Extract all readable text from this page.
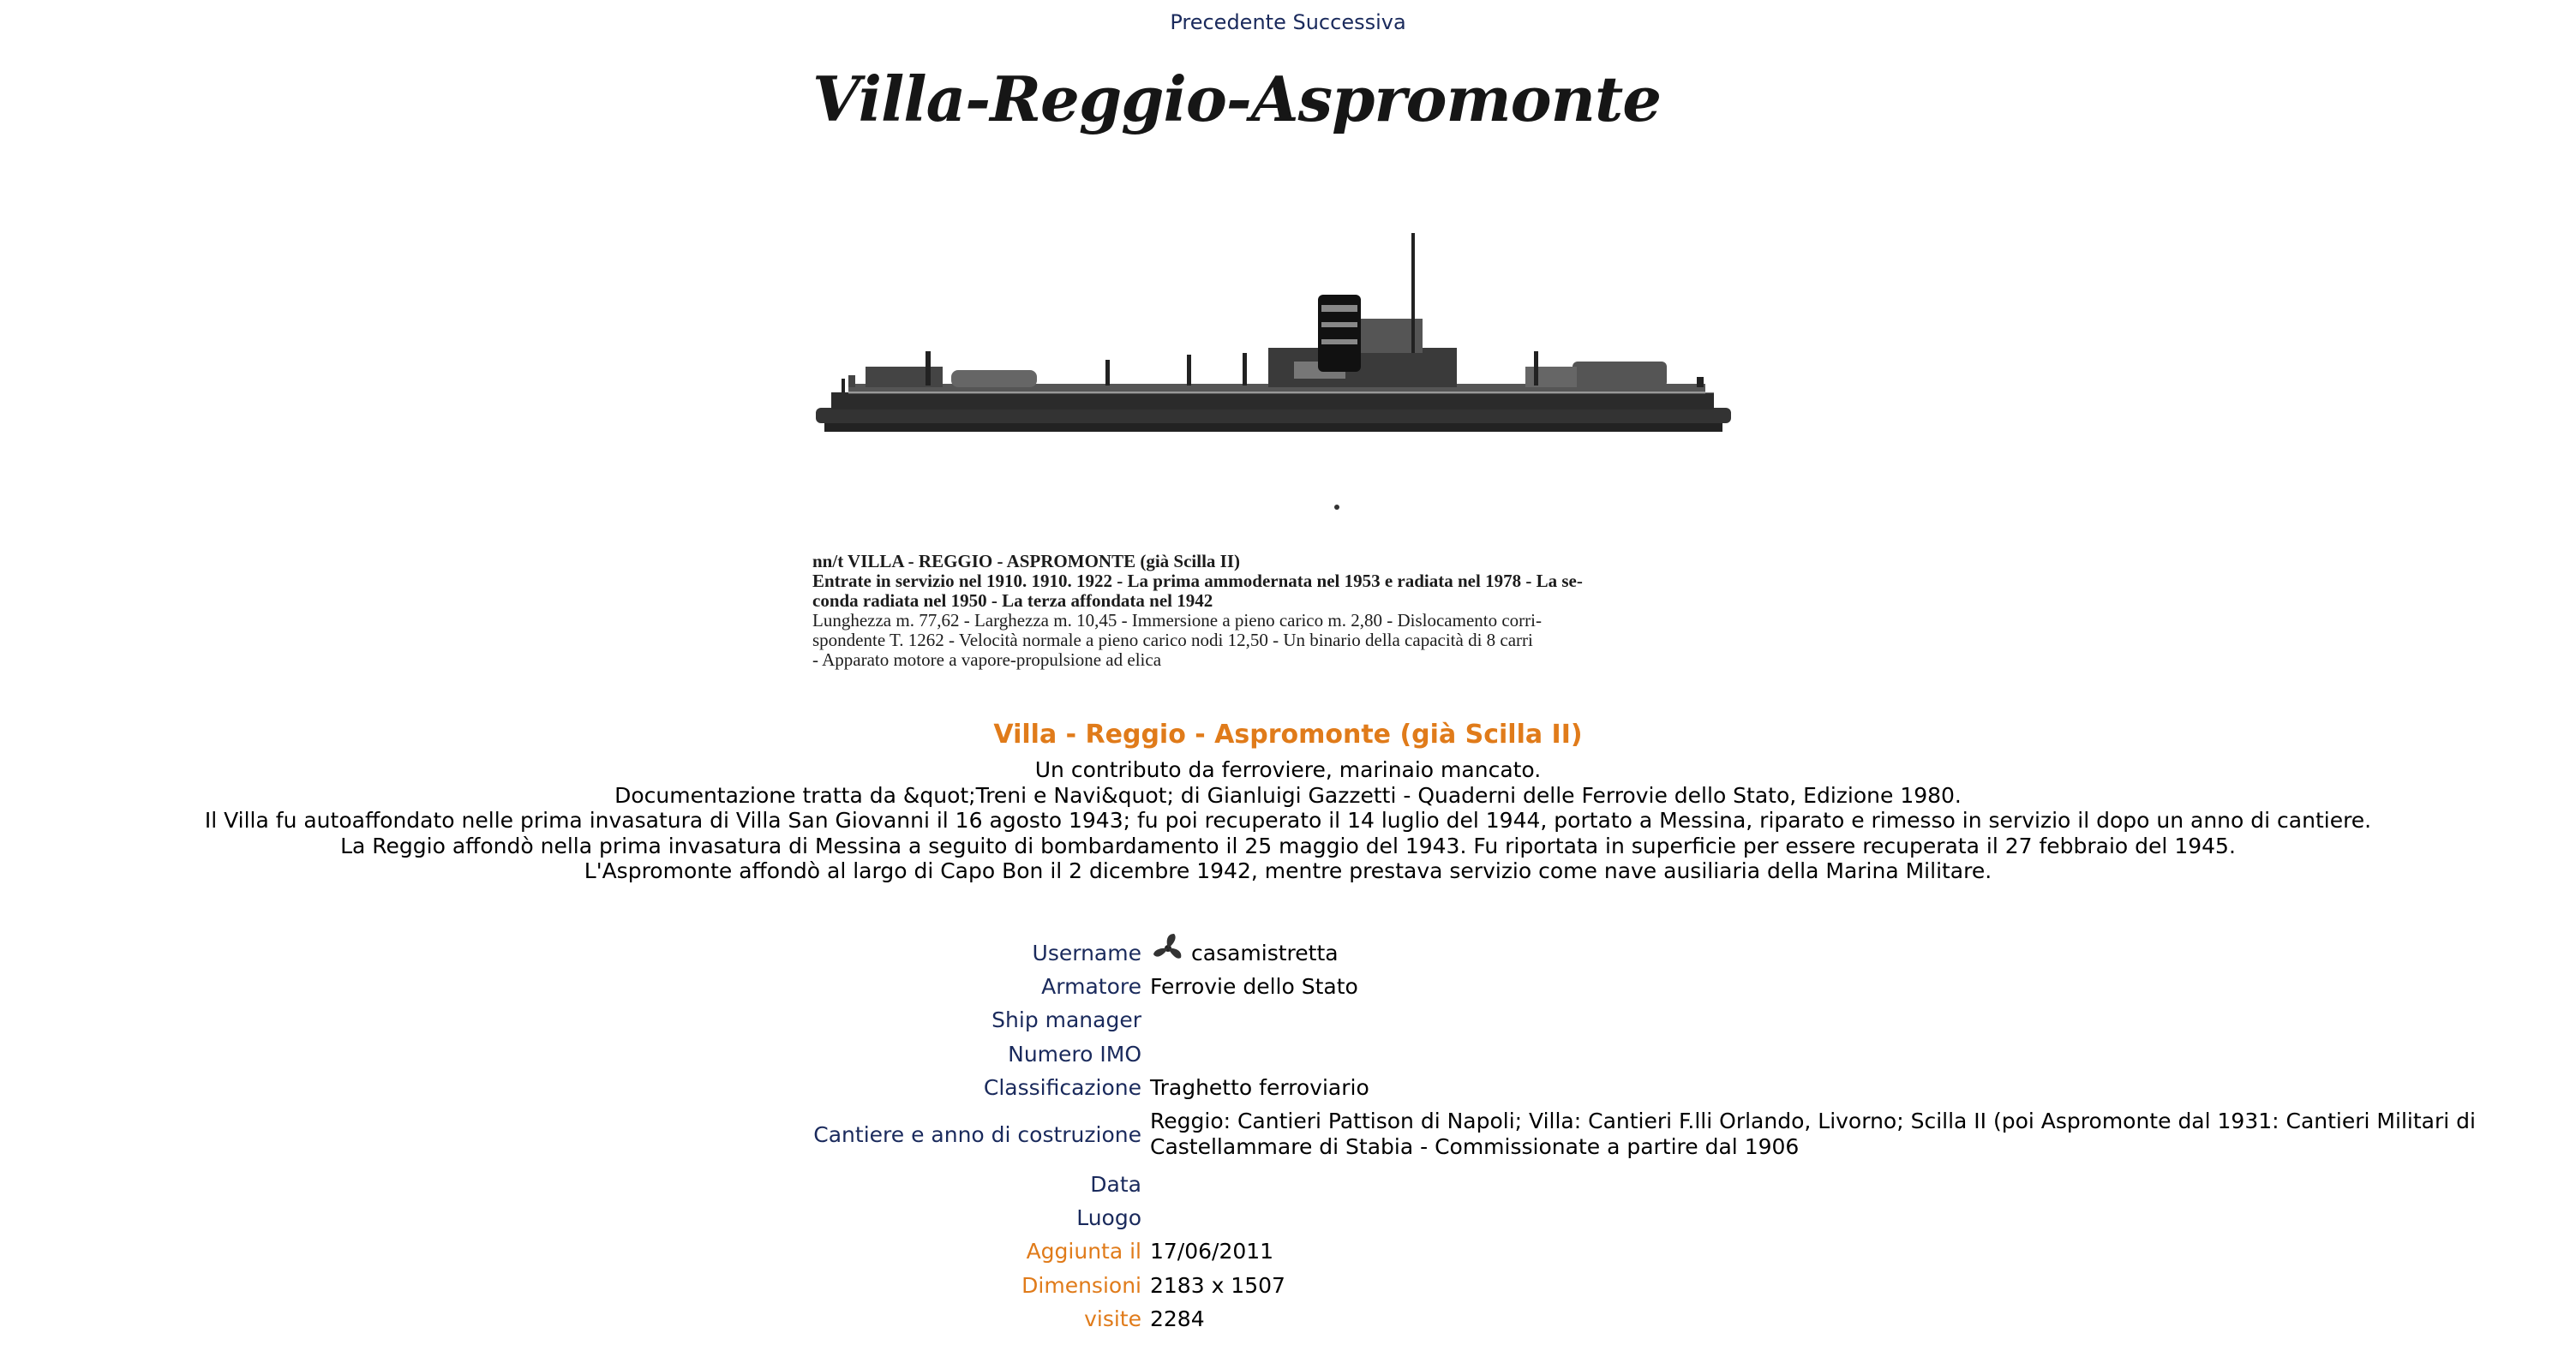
Precedente Successiva
Villa-Reggio-Aspromonte
nn/t VILLA - REGGIO - ASPROMONTE (già Scilla II)
Entrate in servizio nel 1910. 1910. 1922 - La prima ammodernata nel 1953 e radiata nel 1978 - La se-
conda radiata nel 1950 - La terza affondata nel 1942
Lunghezza m. 77,62 - Larghezza m. 10,45 - Immersione a pieno carico m. 2,80 - Dislocamento corri-
spondente T. 1262 - Velocità normale a pieno carico nodi 12,50 - Un binario della capacità di 8 carri
- Apparato motore a vapore-propulsione ad elica
Villa - Reggio - Aspromonte (già Scilla II)
Un contributo da ferroviere, marinaio mancato.
Documentazione tratta da &quot;Treni e Navi&quot; di Gianluigi Gazzetti - Quaderni delle Ferrovie dello Stato, Edizione 1980.
Il Villa fu autoaffondato nelle prima invasatura di Villa San Giovanni il 16 agosto 1943; fu poi recuperato il 14 luglio del 1944, portato a Messina, riparato e rimesso in servizio il dopo un anno di cantiere.
La Reggio affondò nella prima invasatura di Messina a seguito di bombardamento il 25 maggio del 1943. Fu riportata in superficie per essere recuperata il 27 febbraio del 1945.
L'Aspromonte affondò al largo di Capo Bon il 2 dicembre 1942, mentre prestava servizio come nave ausiliaria della Marina Militare.
Username	casamistretta
Armatore Ferrovie dello Stato
Ship manager
Numero IMO
Classificazione Traghetto ferroviario
Cantiere e anno di costruzione
Reggio: Cantieri Pattison di Napoli; Villa: Cantieri F.lli Orlando, Livorno; Scilla II (poi Aspromonte dal 1931: Cantieri Militari di Castellammare di Stabia - Commissionate a partire dal 1906
Data
Luogo
Aggiunta il 17/06/2011
Dimensioni 2183 x 1507
visite 2284
